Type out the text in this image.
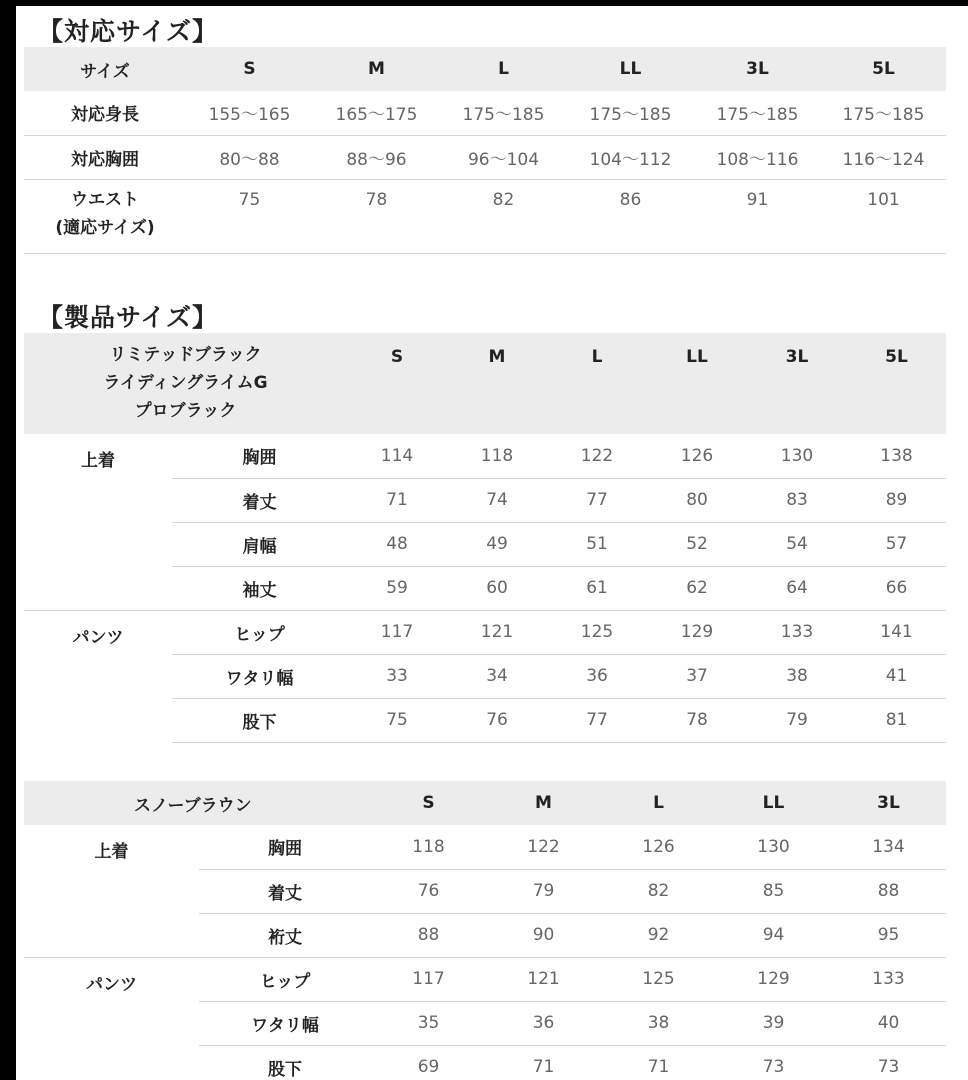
【対応サイズ】
サイズ	S	M	L	LL	3L	5L
対応身長	155〜165	165〜175	175〜185	175〜185	175〜185	175〜185
対応胸囲	80〜88	88〜96	96〜104	104〜112	108〜116	116〜124

ウエスト
(適応サイズ)	75	78	82	86	91	101
【製品サイズ】
リミテッドブラック
ライディングライムG
プロブラック		S	M	L	LL	3L	5L
上着	胸囲	114	118	122	126	130	138
	着丈	71	74	77	80	83	89
	肩幅	48	49	51	52	54	57
	袖丈	59	60	61	62	64	66
パンツ	ヒップ	117	121	125	129	133	141
	ワタリ幅	33	34	36	37	38	41
	股下	75	76	77	78	79	81
スノーブラウン		S	M	L	LL	3L
上着	胸囲	118	122	126	130	134
	着丈	76	79	82	85	88
	裄丈	88	90	92	94	95
パンツ	ヒップ	117	121	125	129	133
	ワタリ幅	35	36	38	39	40
	股下	69	71	71	73	73
